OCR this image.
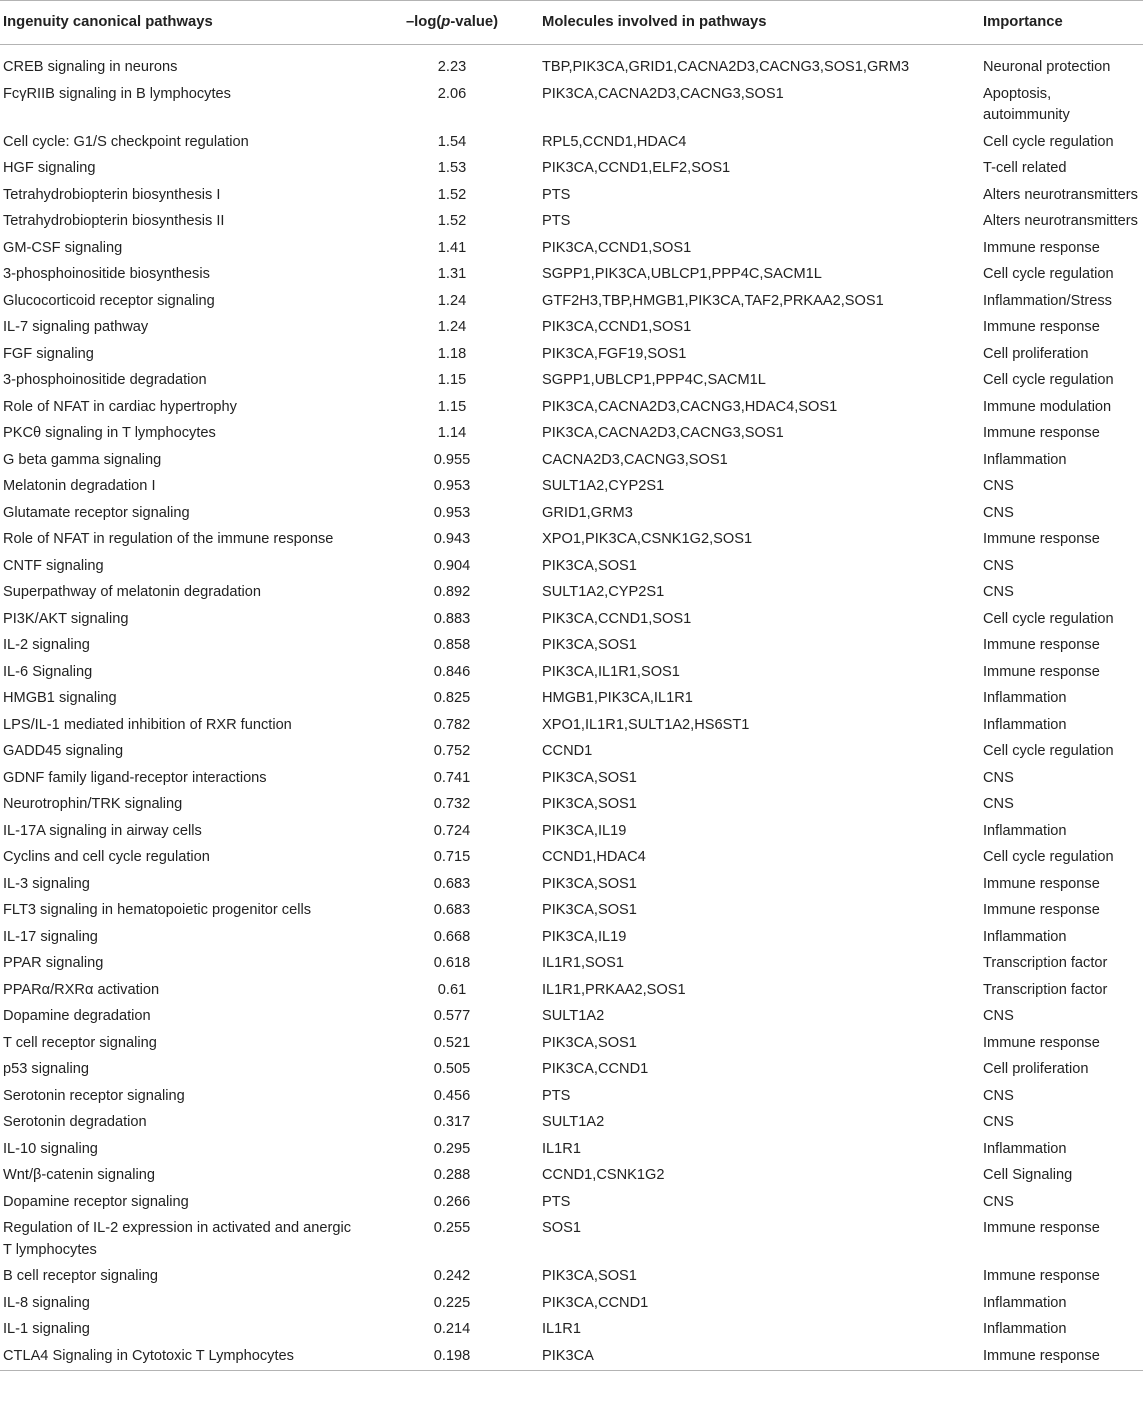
Ingenuity canonical pathways	–log(p-value)	Molecules involved in pathways	Importance
CREB signaling in neurons	2.23	TBP,PIK3CA,GRID1,CACNA2D3,CACNG3,SOS1,GRM3	Neuronal protection
FcγRIIB signaling in B lymphocytes	2.06	PIK3CA,CACNA2D3,CACNG3,SOS1	Apoptosis, autoimmunity
Cell cycle: G1/S checkpoint regulation	1.54	RPL5,CCND1,HDAC4	Cell cycle regulation
HGF signaling	1.53	PIK3CA,CCND1,ELF2,SOS1	T-cell related
Tetrahydrobiopterin biosynthesis I	1.52	PTS	Alters neurotransmitters
Tetrahydrobiopterin biosynthesis II	1.52	PTS	Alters neurotransmitters
GM-CSF signaling	1.41	PIK3CA,CCND1,SOS1	Immune response
3-phosphoinositide biosynthesis	1.31	SGPP1,PIK3CA,UBLCP1,PPP4C,SACM1L	Cell cycle regulation
Glucocorticoid receptor signaling	1.24	GTF2H3,TBP,HMGB1,PIK3CA,TAF2,PRKAA2,SOS1	Inflammation/Stress
IL-7 signaling pathway	1.24	PIK3CA,CCND1,SOS1	Immune response
FGF signaling	1.18	PIK3CA,FGF19,SOS1	Cell proliferation
3-phosphoinositide degradation	1.15	SGPP1,UBLCP1,PPP4C,SACM1L	Cell cycle regulation
Role of NFAT in cardiac hypertrophy	1.15	PIK3CA,CACNA2D3,CACNG3,HDAC4,SOS1	Immune modulation
PKCθ signaling in T lymphocytes	1.14	PIK3CA,CACNA2D3,CACNG3,SOS1	Immune response
G beta gamma signaling	0.955	CACNA2D3,CACNG3,SOS1	Inflammation
Melatonin degradation I	0.953	SULT1A2,CYP2S1	CNS
Glutamate receptor signaling	0.953	GRID1,GRM3	CNS
Role of NFAT in regulation of the immune response	0.943	XPO1,PIK3CA,CSNK1G2,SOS1	Immune response
CNTF signaling	0.904	PIK3CA,SOS1	CNS
Superpathway of melatonin degradation	0.892	SULT1A2,CYP2S1	CNS
PI3K/AKT signaling	0.883	PIK3CA,CCND1,SOS1	Cell cycle regulation
IL-2 signaling	0.858	PIK3CA,SOS1	Immune response
IL-6 Signaling	0.846	PIK3CA,IL1R1,SOS1	Immune response
HMGB1 signaling	0.825	HMGB1,PIK3CA,IL1R1	Inflammation
LPS/IL-1 mediated inhibition of RXR function	0.782	XPO1,IL1R1,SULT1A2,HS6ST1	Inflammation
GADD45 signaling	0.752	CCND1	Cell cycle regulation
GDNF family ligand-receptor interactions	0.741	PIK3CA,SOS1	CNS
Neurotrophin/TRK signaling	0.732	PIK3CA,SOS1	CNS
IL-17A signaling in airway cells	0.724	PIK3CA,IL19	Inflammation
Cyclins and cell cycle regulation	0.715	CCND1,HDAC4	Cell cycle regulation
IL-3 signaling	0.683	PIK3CA,SOS1	Immune response
FLT3 signaling in hematopoietic progenitor cells	0.683	PIK3CA,SOS1	Immune response
IL-17 signaling	0.668	PIK3CA,IL19	Inflammation
PPAR signaling	0.618	IL1R1,SOS1	Transcription factor
PPARα/RXRα activation	0.61	IL1R1,PRKAA2,SOS1	Transcription factor
Dopamine degradation	0.577	SULT1A2	CNS
T cell receptor signaling	0.521	PIK3CA,SOS1	Immune response
p53 signaling	0.505	PIK3CA,CCND1	Cell proliferation
Serotonin receptor signaling	0.456	PTS	CNS
Serotonin degradation	0.317	SULT1A2	CNS
IL-10 signaling	0.295	IL1R1	Inflammation
Wnt/β-catenin signaling	0.288	CCND1,CSNK1G2	Cell Signaling
Dopamine receptor signaling	0.266	PTS	CNS
Regulation of IL-2 expression in activated and anergic T lymphocytes	0.255	SOS1	Immune response
B cell receptor signaling	0.242	PIK3CA,SOS1	Immune response
IL-8 signaling	0.225	PIK3CA,CCND1	Inflammation
IL-1 signaling	0.214	IL1R1	Inflammation
CTLA4 Signaling in Cytotoxic T Lymphocytes	0.198	PIK3CA	Immune response
